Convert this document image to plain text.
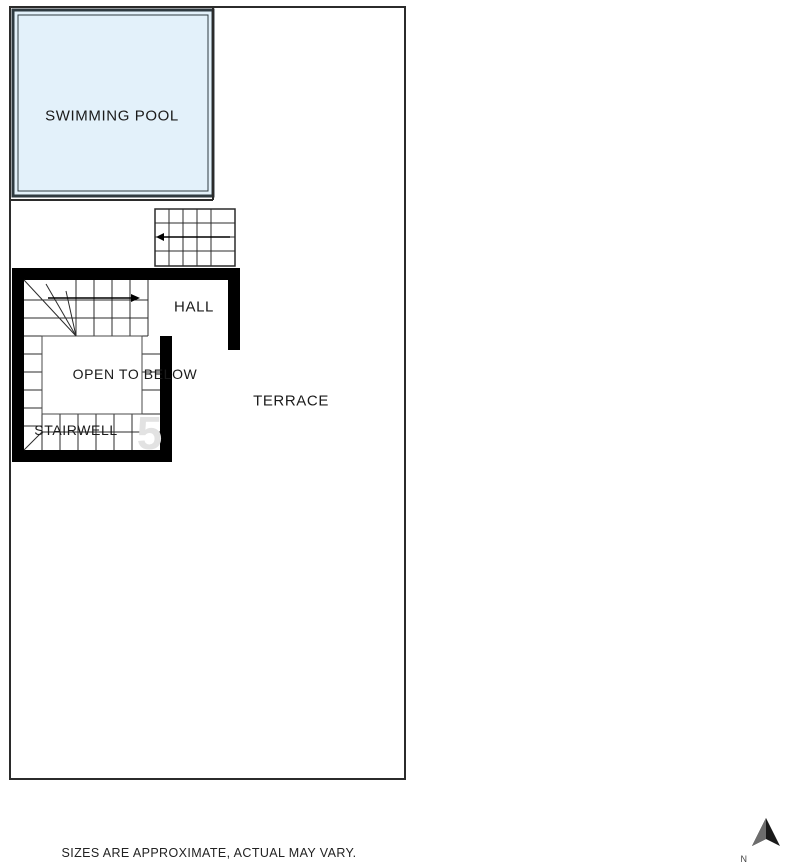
SWIMMING POOL
HALL
TERRACE
5
OPEN TO BELOW
STAIRWELL
SIZES ARE APPROXIMATE, ACTUAL MAY VARY.	N
